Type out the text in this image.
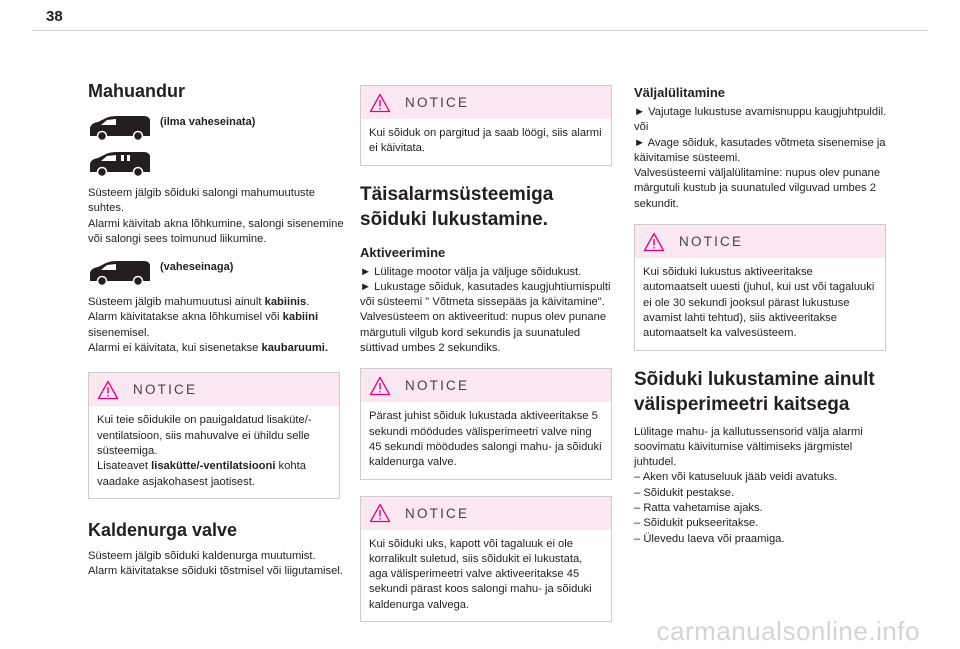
38
Mahuandur
(ilma vaheseinata)

Süsteem jälgib sõiduki salongi mahumuutuste suhtes.
Alarmi käivitab akna lõhkumine, salongi sisenemine või salongi sees toimunud liikumine.

(vaheseinaga)

Süsteem jälgib mahumuutusi ainult kabiinis.
Alarm käivitatakse akna lõhkumisel või kabiini sisenemisel.
Alarmi ei käivitata, kui sisenetakse kaubaruumi.

NOTICE

Kui teie sõidukile on pauigaldatud lisaküte/-ventilatsioon, siis mahuvalve ei ühildu selle süsteemiga.
Lisateavet lisakütte/-ventilatsiooni kohta vaadake asjakohasest jaotisest.

Kaldenurga valve

Süsteem jälgib sõiduki kaldenurga muutumist.
Alarm käivitatakse sõiduki tõstmisel või liigutamisel.

NOTICE

Kui sõiduk on pargitud ja saab löögi, siis alarmi ei käivitata.

Täisalarmsüsteemiga sõiduki lukustamine.
Aktiveerimine

► Lülitage mootor välja ja väljuge sõidukust.
► Lukustage sõiduk, kasutades kaugjuhtiumispulti või süsteemi " Võtmeta sissepääs ja käivitamine".
Valvesüsteem on aktiveeritud: nupus olev punane märgutuli vilgub kord sekundis ja suunatuled süttivad umbes 2 sekundiks.

NOTICE

Pärast juhist sõiduk lukustada aktiveeritakse 5 sekundi möödudes välisperimeetri valve ning 45 sekundi möödudes salongi mahu- ja sõiduki kaldenurga valve.

NOTICE

Kui sõiduki uks, kapott või tagaluuk ei ole korralikult suletud, siis sõidukit ei lukustata, aga välisperimeetri valve aktiveeritakse 45 sekundi pärast koos salongi mahu- ja sõiduki kaldenurga valvega.

Väljalülitamine

► Vajutage lukustuse avamisnuppu kaugjuhtpuldil.
või
► Avage sõiduk, kasutades võtmeta sisenemise ja käivitamise süsteemi.
Valvesüsteemi väljalülitamine: nupus olev punane märgutuli kustub ja suunatuled vilguvad umbes 2 sekundit.

NOTICE

Kui sõiduki lukustus aktiveeritakse automaatselt uuesti (juhul, kui ust või tagaluuki ei ole 30 sekundi jooksul pärast lukustuse avamist lahti tehtud), siis aktiveeritakse automaatselt ka valvesüsteem.

Sõiduki lukustamine ainult välisperimeetri kaitsega

Lülitage mahu- ja kallutussensorid välja alarmi soovimatu käivitumise vältimiseks järgmistel juhtudel.
– Aken või katuseluuk jääb veidi avatuks.
– Sõidukit pestakse.
– Ratta vahetamise ajaks.
– Sõidukit pukseeritakse.
– Ülevedu laeva või praamiga.

carmanualsonline.info
